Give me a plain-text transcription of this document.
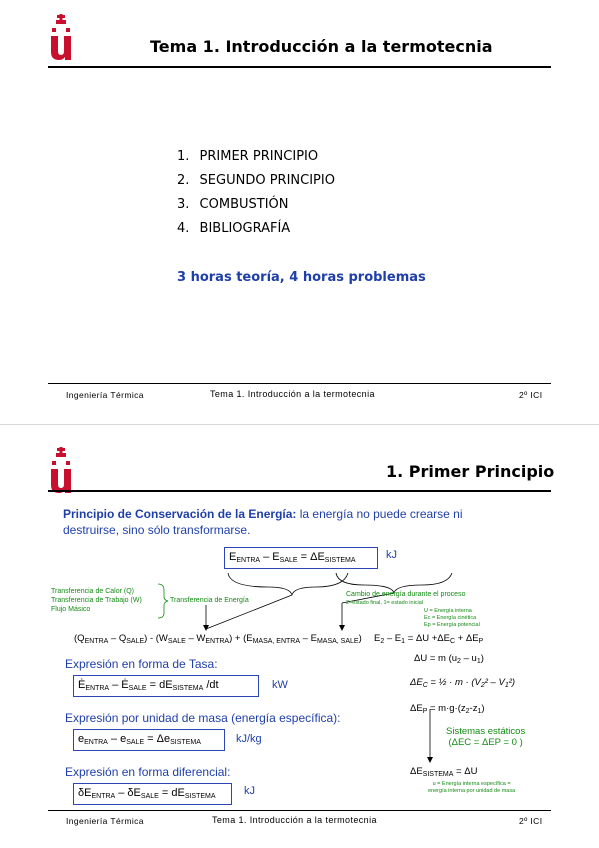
Tema 1. Introducción a la termotecnia
1. PRIMER PRINCIPIO
2. SEGUNDO PRINCIPIO
3. COMBUSTIÓN
4. BIBLIOGRAFÍA
3 horas teoría, 4 horas problemas
Ingeniería Térmica	Tema 1. Introducción a la termotecnia	2º ICI
1. Primer Principio
Principio de Conservación de la Energía: la energía no puede crearse ni
destruirse, sino sólo transformarse.
$E_{ENTRA} - E_{SALE} = \Delta E_{SISTEMA}$	kJ
Transferencia de Calor (Q)
Transferencia de Trabajo (W)
Flujo Másico
Transferencia de Energía
Cambio de energía durante el proceso
2=estado final, 1= estado inicial
U = Energía interna
Ec = Energía cinética
Ep = Energía potencial
$(Q_{ENTRA} - Q_{SALE}) - (W_{SALE} - W_{ENTRA}) + (E_{MASA, ENTRA} - E_{MASA, SALE})$ $E_2 - E_1 = \Delta U +\Delta E_C + \Delta E_P$
ΔU = m $(u_2 - u_1)$
$\Delta E_C$ = ½ · $m \cdot (V_2^2 - V_1^2)$
$\Delta E_P = m\cdot g\cdot(z_2-z_1)$
Sistemas estáticos
(ΔEC = ΔEP = 0 )
$\Delta E_{SISTEMA} = \Delta U$
u = Energía interna específica =
energía interna por unidad de masa
Expresión en forma de Tasa:
$Ė_{ENTRA}$ – $Ė_{SALE} = dE_{SISTEMA}$ /dt	kW
Expresión por unidad de masa (energía específica):
$e_{ENTRA} - e_{SALE} = \Delta e_{SISTEMA}$	kJ/kg
Expresión en forma diferencial:
$\delta E_{ENTRA} - \delta E_{SALE} = dE_{SISTEMA}$	kJ
Ingeniería Térmica	Tema 1. Introducción a la termotecnia	2º ICI
